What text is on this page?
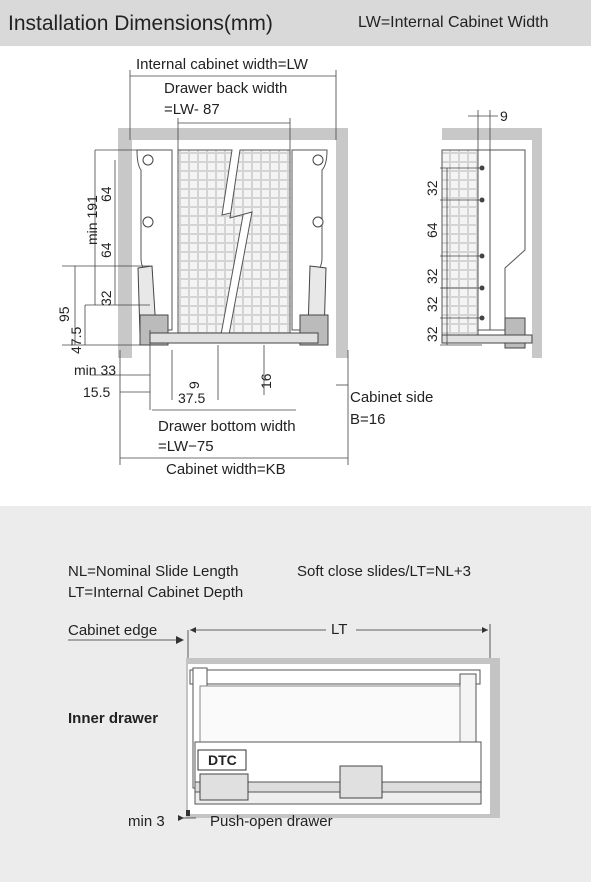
Installation Dimensions(mm)	LW=Internal Cabinet Width
Internal cabinet width=LW
Drawer back width
=LW- 87
min 191
64
64
32
95
47.5
min 33
15.5	9
37.5
16
Drawer bottom width
=LW−75
Cabinet width=KB
Cabinet side
B=16
9
32
64
32
32
32
NL=Nominal Slide Length
LT=Internal Cabinet Depth
Soft close slides/LT=NL+3
Cabinet edge	LT
Inner drawer
DTC
min 3	Push-open drawer
